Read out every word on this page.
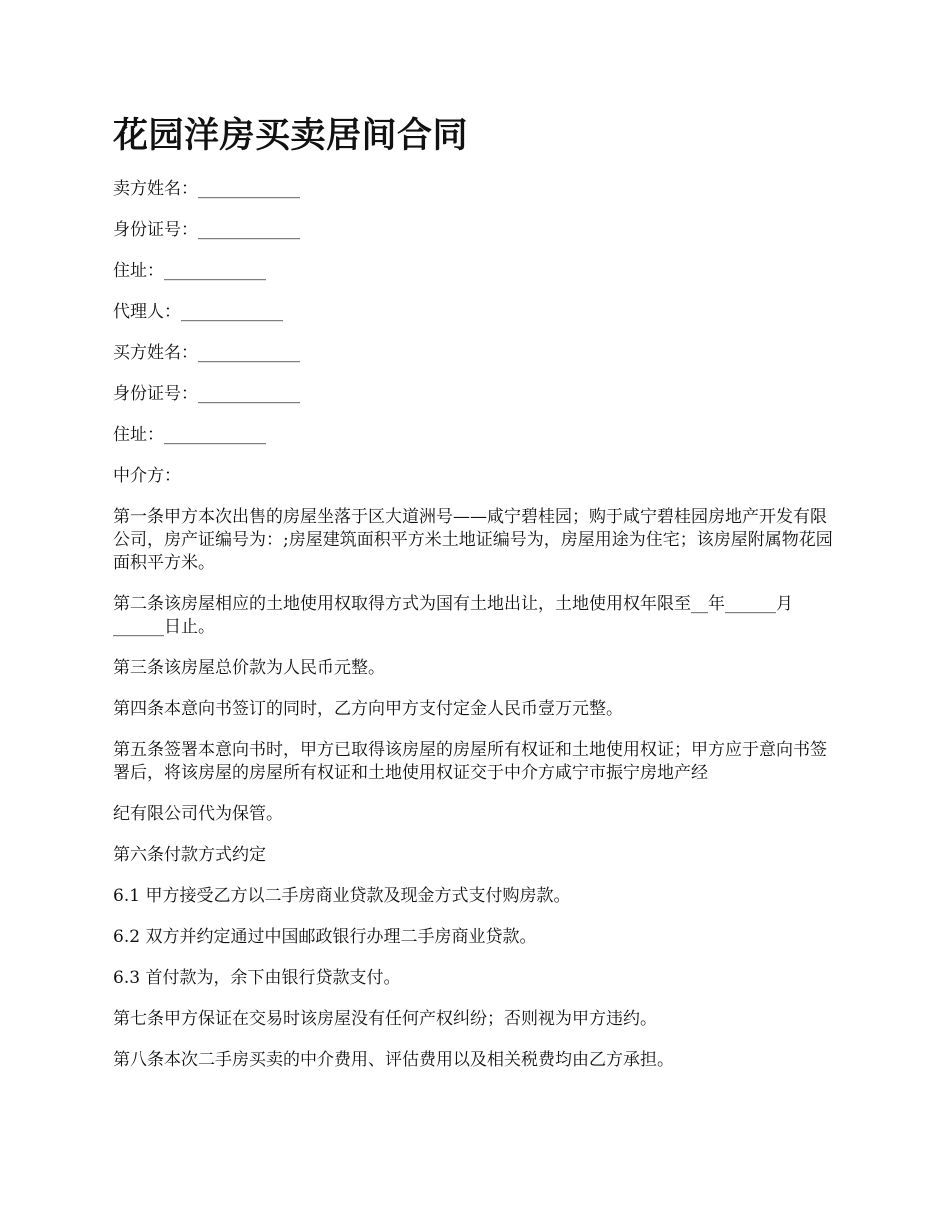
花园洋房买卖居间合同

卖方姓名：____________

身份证号：____________

住址：____________

代理人：____________

买方姓名：____________

身份证号：____________

住址：____________

中介方：

第一条甲方本次出售的房屋坐落于区大道洲号——咸宁碧桂园；购于咸宁碧桂园房地产开发有限公司，房产证编号为：;房屋建筑面积平方米土地证编号为，房屋用途为住宅；该房屋附属物花园面积平方米。

第二条该房屋相应的土地使用权取得方式为国有土地出让，土地使用权年限至__年______月______日止。

第三条该房屋总价款为人民币元整。

第四条本意向书签订的同时，乙方向甲方支付定金人民币壹万元整。

第五条签署本意向书时，甲方已取得该房屋的房屋所有权证和土地使用权证；甲方应于意向书签署后，将该房屋的房屋所有权证和土地使用权证交于中介方咸宁市振宁房地产经

纪有限公司代为保管。

第六条付款方式约定

6.1 甲方接受乙方以二手房商业贷款及现金方式支付购房款。

6.2 双方并约定通过中国邮政银行办理二手房商业贷款。

6.3 首付款为，余下由银行贷款支付。

第七条甲方保证在交易时该房屋没有任何产权纠纷；否则视为甲方违约。

第八条本次二手房买卖的中介费用、评估费用以及相关税费均由乙方承担。
